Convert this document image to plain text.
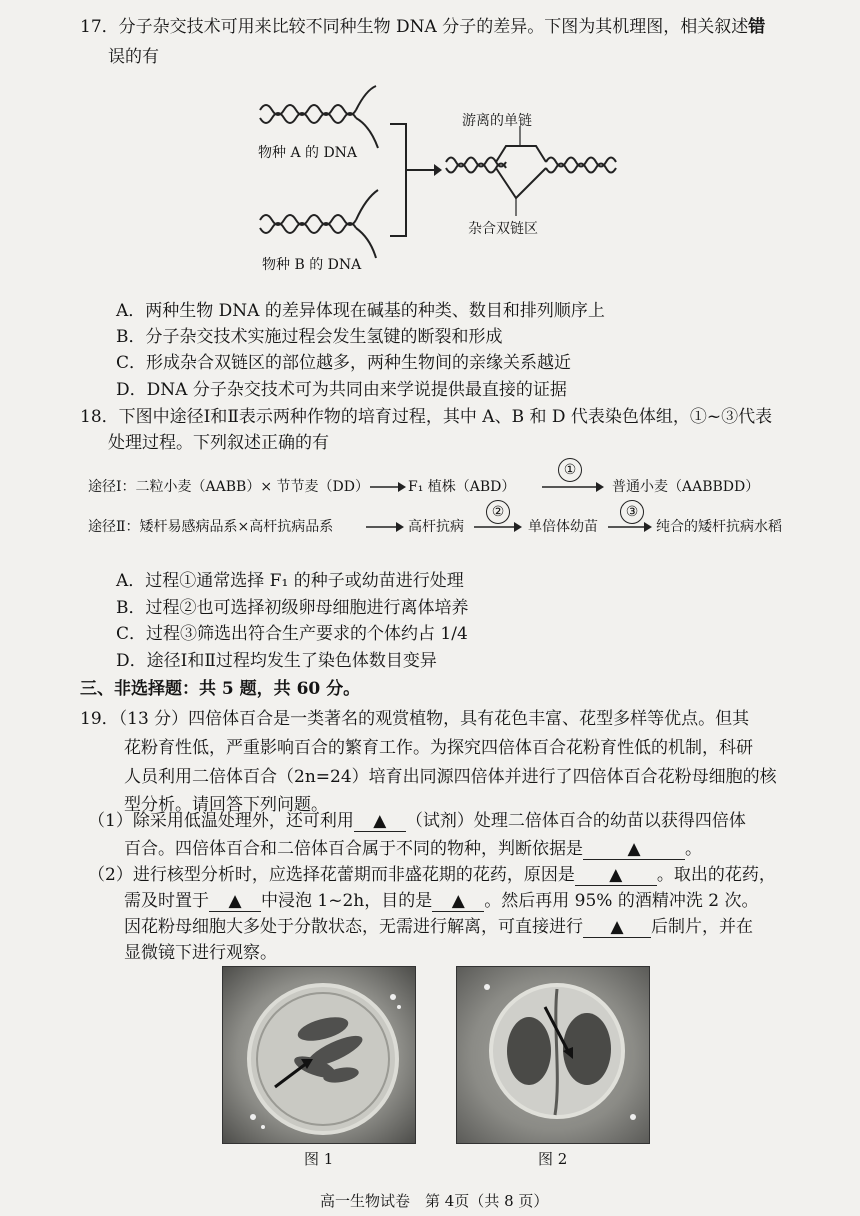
17．分子杂交技术可用来比较不同种生物 DNA 分子的差异。下图为其机理图，相关叙述错
误的有
物种 A 的 DNA
物种 B 的 DNA
游离的单链
杂合双链区
A．两种生物 DNA 的差异体现在碱基的种类、数目和排列顺序上
B．分子杂交技术实施过程会发生氢键的断裂和形成
C．形成杂合双链区的部位越多，两种生物间的亲缘关系越近
D．DNA 分子杂交技术可为共同由来学说提供最直接的证据
18．下图中途径Ⅰ和Ⅱ表示两种作物的培育过程，其中 A、B 和 D 代表染色体组，①~③代表
处理过程。下列叙述正确的有
途径Ⅰ：二粒小麦（AABB）× 节节麦（DD）	F₁ 植株（ABD）
①
普通小麦（AABBDD）
途径Ⅱ：矮杆易感病品系×高杆抗病品系	高杆抗病
②
单倍体幼苗
③
纯合的矮杆抗病水稻
A．过程①通常选择 F₁ 的种子或幼苗进行处理
B．过程②也可选择初级卵母细胞进行离体培养
C．过程③筛选出符合生产要求的个体约占 1/4
D．途径Ⅰ和Ⅱ过程均发生了染色体数目变异
三、非选择题：共 5 题，共 60 分。
19．（13 分）四倍体百合是一类著名的观赏植物，具有花色丰富、花型多样等优点。但其
花粉育性低，严重影响百合的繁育工作。为探究四倍体百合花粉育性低的机制，科研
人员利用二倍体百合（2n=24）培育出同源四倍体并进行了四倍体百合花粉母细胞的核
型分析。请回答下列问题。
（1）除采用低温处理外，还可利用 ▲ （试剂）处理二倍体百合的幼苗以获得四倍体
百合。四倍体百合和二倍体百合属于不同的物种，判断依据是	▲	。
（2）进行核型分析时，应选择花蕾期而非盛花期的花药，原因是 ▲ 。取出的花药，
需及时置于 ▲ 中浸泡 1~2h，目的是 ▲ 。然后再用 95% 的酒精冲洗 2 次。
因花粉母细胞大多处于分散状态，无需进行解离，可直接进行 ▲ 后制片，并在
显微镜下进行观察。
图 1	图 2
高一生物试卷　第 4页（共 8 页）
